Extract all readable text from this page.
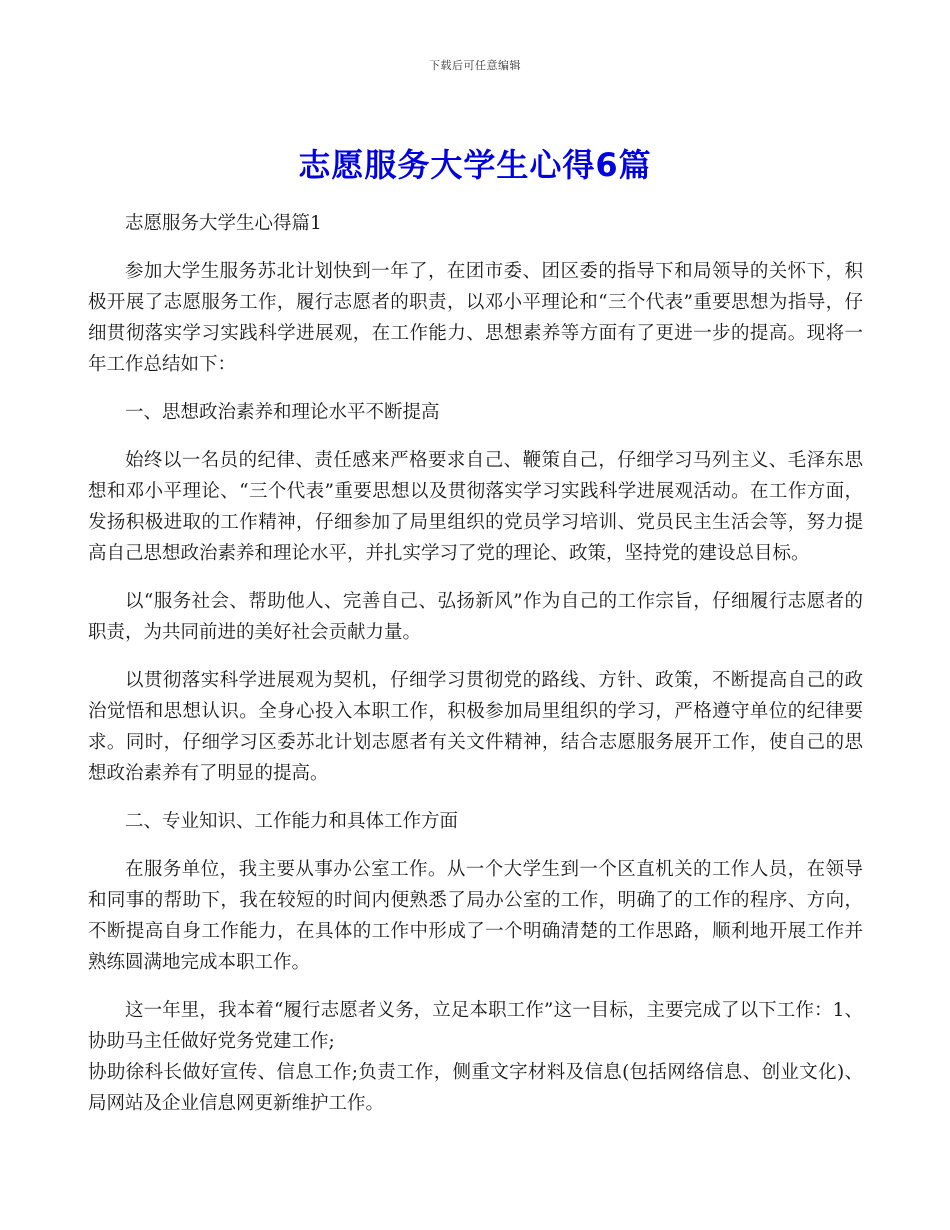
下载后可任意编辑
志愿服务大学生心得6篇

志愿服务大学生心得篇1

参加大学生服务苏北计划快到一年了，在团市委、团区委的指导下和局领导的关怀下，积极开展了志愿服务工作，履行志愿者的职责，以邓小平理论和“三个代表”重要思想为指导，仔细贯彻落实学习实践科学进展观，在工作能力、思想素养等方面有了更进一步的提高。现将一年工作总结如下：

一、思想政治素养和理论水平不断提高

始终以一名员的纪律、责任感来严格要求自己、鞭策自己，仔细学习马列主义、毛泽东思想和邓小平理论、“三个代表”重要思想以及贯彻落实学习实践科学进展观活动。在工作方面，发扬积极进取的工作精神，仔细参加了局里组织的党员学习培训、党员民主生活会等，努力提高自己思想政治素养和理论水平，并扎实学习了党的理论、政策，坚持党的建设总目标。

以“服务社会、帮助他人、完善自己、弘扬新风”作为自己的工作宗旨，仔细履行志愿者的职责，为共同前进的美好社会贡献力量。

以贯彻落实科学进展观为契机，仔细学习贯彻党的路线、方针、政策，不断提高自己的政治觉悟和思想认识。全身心投入本职工作，积极参加局里组织的学习，严格遵守单位的纪律要求。同时，仔细学习区委苏北计划志愿者有关文件精神，结合志愿服务展开工作，使自己的思想政治素养有了明显的提高。

二、专业知识、工作能力和具体工作方面

在服务单位，我主要从事办公室工作。从一个大学生到一个区直机关的工作人员，在领导和同事的帮助下，我在较短的时间内便熟悉了局办公室的工作，明确了的工作的程序、方向，不断提高自身工作能力，在具体的工作中形成了一个明确清楚的工作思路，顺利地开展工作并熟练圆满地完成本职工作。

这一年里，我本着“履行志愿者义务，立足本职工作”这一目标，主要完成了以下工作：1、协助马主任做好党务党建工作;

协助徐科长做好宣传、信息工作;负责工作，侧重文字材料及信息(包括网络信息、创业文化)、局网站及企业信息网更新维护工作。
